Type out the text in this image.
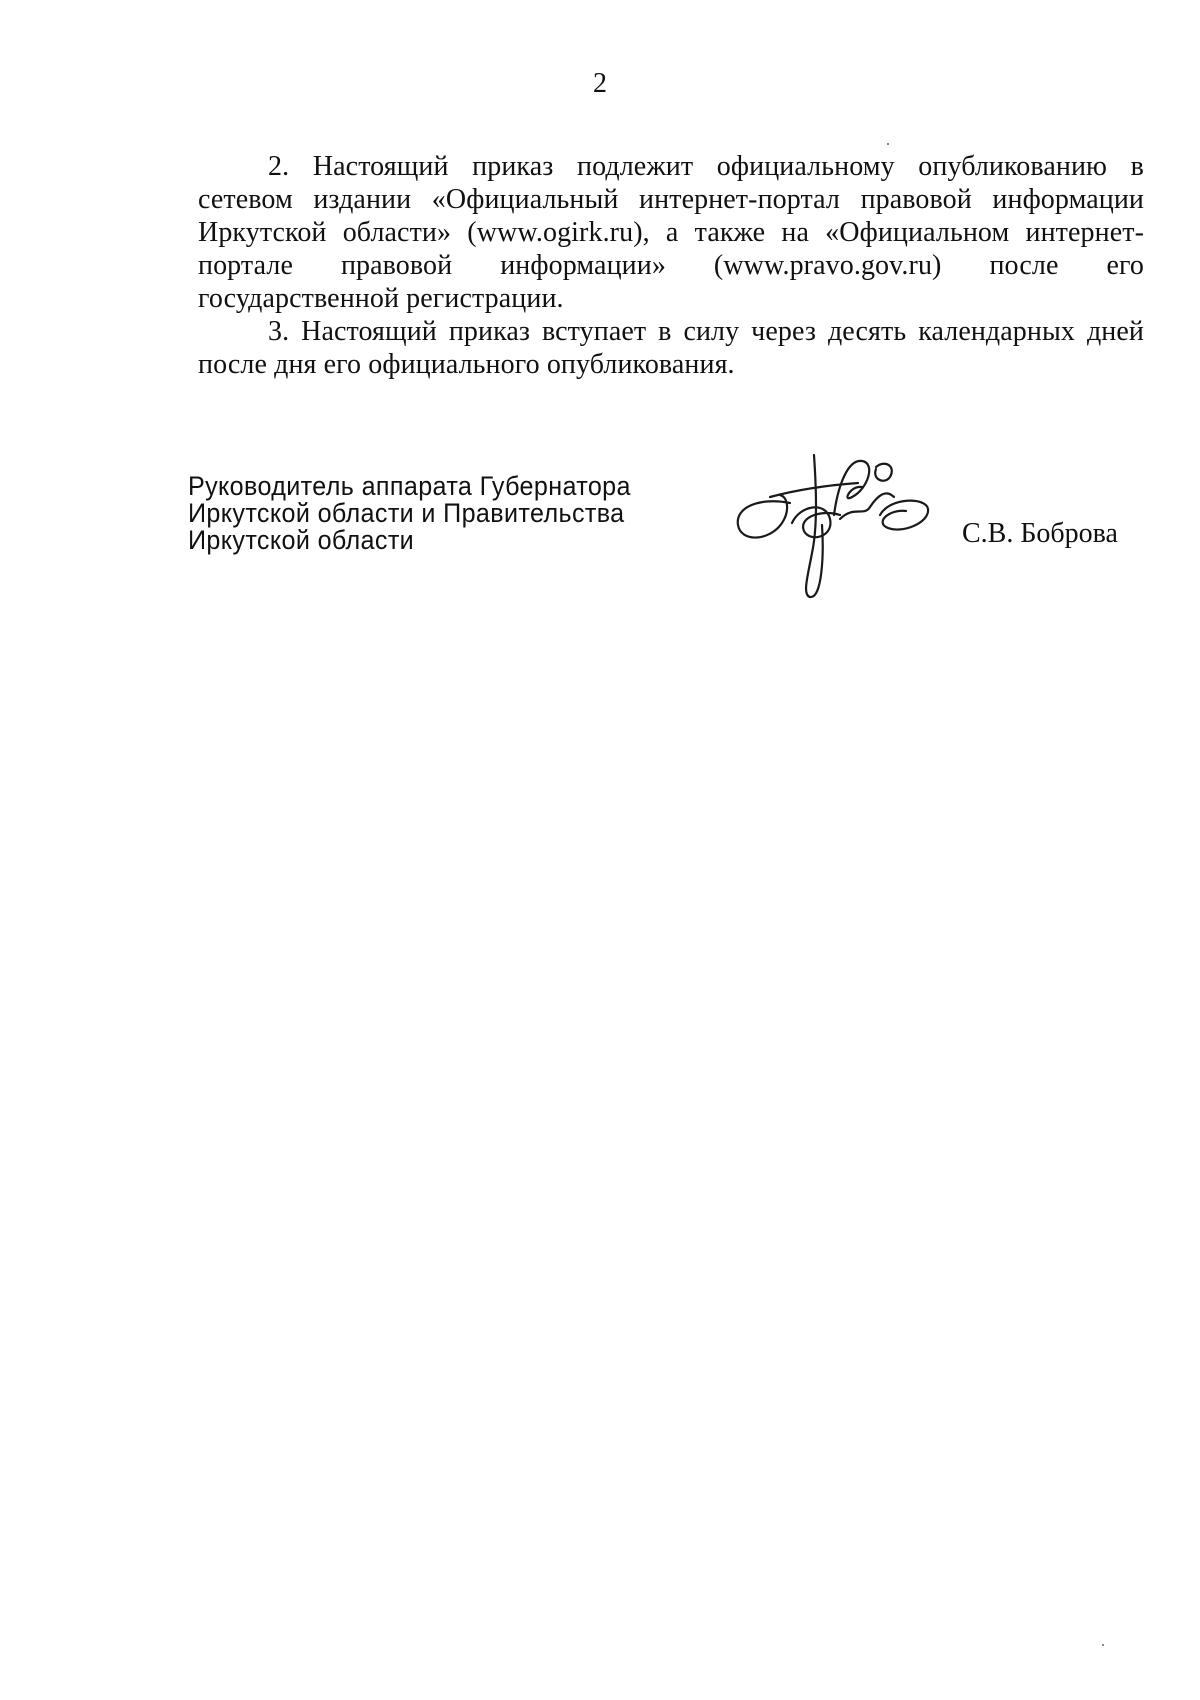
2

2. Настоящий приказ подлежит официальному опубликованию в сетевом издании «Официальный интернет-портал правовой информации Иркутской области» (www.ogirk.ru), а также на «Официальном интернет-портале правовой информации» (www.pravo.gov.ru) после его государственной регистрации.

3. Настоящий приказ вступает в силу через десять календарных дней после дня его официального опубликования.

Руководитель аппарата Губернатора
Иркутской области и Правительства
Иркутской области	С.В. Боброва
